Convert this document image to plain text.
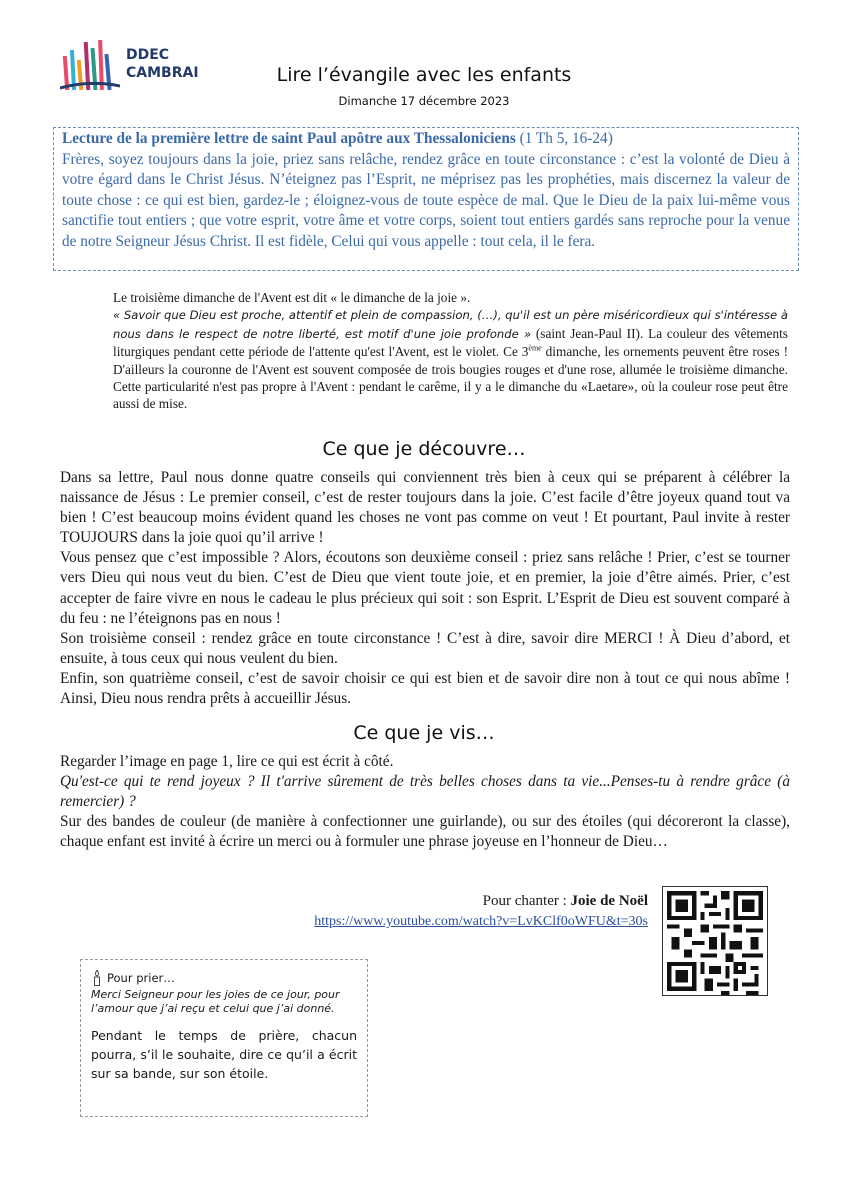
DDEC
CAMBRAI	Lire l’évangile avec les enfants
Dimanche 17 décembre 2023
Lecture de la première lettre de saint Paul apôtre aux Thessaloniciens (1 Th 5, 16-24)
Frères, soyez toujours dans la joie, priez sans relâche, rendez grâce en toute circonstance : c’est la volonté de Dieu à votre égard dans le Christ Jésus. N’éteignez pas l’Esprit, ne méprisez pas les prophéties, mais discernez la valeur de toute chose : ce qui est bien, gardez-le ; éloignez-vous de toute espèce de mal. Que le Dieu de la paix lui-même vous sanctifie tout entiers ; que votre esprit, votre âme et votre corps, soient tout entiers gardés sans reproche pour la venue de notre Seigneur Jésus Christ. Il est fidèle, Celui qui vous appelle : tout cela, il le fera.
Le troisième dimanche de l'Avent est dit « le dimanche de la joie ».
« Savoir que Dieu est proche, attentif et plein de compassion, (…), qu'il est un père miséricordieux qui s'intéresse à nous dans le respect de notre liberté, est motif d'une joie profonde » (saint Jean-Paul II). La couleur des vêtements liturgiques pendant cette période de l'attente qu'est l'Avent, est le violet. Ce 3ème dimanche, les ornements peuvent être roses ! D'ailleurs la couronne de l'Avent est souvent composée de trois bougies rouges et d'une rose, allumée le troisième dimanche. Cette particularité n'est pas propre à l'Avent : pendant le carême, il y a le dimanche du «Laetare», où la couleur rose peut être aussi de mise.
Ce que je découvre…

Dans sa lettre, Paul nous donne quatre conseils qui conviennent très bien à ceux qui se préparent à célébrer la naissance de Jésus : Le premier conseil, c’est de rester toujours dans la joie. C’est facile d’être joyeux quand tout va bien ! C’est beaucoup moins évident quand les choses ne vont pas comme on veut ! Et pourtant, Paul invite à rester TOUJOURS dans la joie quoi qu’il arrive !

Vous pensez que c’est impossible ? Alors, écoutons son deuxième conseil : priez sans relâche ! Prier, c’est se tourner vers Dieu qui nous veut du bien. C’est de Dieu que vient toute joie, et en premier, la joie d’être aimés. Prier, c’est accepter de faire vivre en nous le cadeau le plus précieux qui soit : son Esprit. L’Esprit de Dieu est souvent comparé à du feu : ne l’éteignons pas en nous !

Son troisième conseil : rendez grâce en toute circonstance ! C’est à dire, savoir dire MERCI ! À Dieu d’abord, et ensuite, à tous ceux qui nous veulent du bien.

Enfin, son quatrième conseil, c’est de savoir choisir ce qui est bien et de savoir dire non à tout ce qui nous abîme ! Ainsi, Dieu nous rendra prêts à accueillir Jésus.

Ce que je vis…

Regarder l’image en page 1, lire ce qui est écrit à côté.

Qu'est-ce qui te rend joyeux ? Il t'arrive sûrement de très belles choses dans ta vie...Penses-tu à rendre grâce (à remercier) ?

Sur des bandes de couleur (de manière à confectionner une guirlande), ou sur des étoiles (qui décoreront la classe), chaque enfant est invité à écrire un merci ou à formuler une phrase joyeuse en l’honneur de Dieu…

Pour chanter : Joie de Noël
https://www.youtube.com/watch?v=LvKClf0oWFU&t=30s
Pour prier…
Merci Seigneur pour les joies de ce jour, pour l’amour que j’ai reçu et celui que j’ai donné.
Pendant le temps de prière, chacun pourra, s’il le souhaite, dire ce qu’il a écrit sur sa bande, sur son étoile.
